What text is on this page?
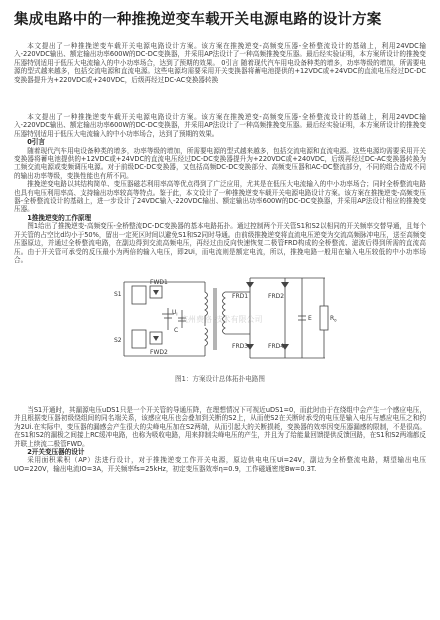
集成电路中的一种推挽逆变车载开关电源电路的设计方案

本文提出了一种推挽逆变车载开关电源电路设计方案。该方案在推挽逆变-高频变压器-全桥整流设计的基础上，利用24VDC输入-220VDC输出、额定输出功率600W的DC-DC变换器，并采用AP法设计了一种高频推挽变压器。最后经实验证明，本方案所设计的推挽变压器特别适用于低压大电流输入的中小功率场合，达到了预期的效果。 0引言 随着现代汽车用电设备种类的增多，功率等级的增加，所需要电源的型式越来越多，包括交流电源和直流电源。这些电源均需要采用开关变换器将蓄电池提供的+12VDC或+24VDC的直流电压经过DC-DC变换器提升为+220VDC或+240VDC，后级再经过DC-AC变换器转换

本文提出了一种推挽逆变车载开关电源电路设计方案。该方案在推挽逆变-高频变压器-全桥整流设计的基础上，利用24VDC输入-220VDC输出、额定输出功率600W的DC-DC变换器，并采用AP法设计了一种高频推挽变压器。最后经实验证明，本方案所设计的推挽变压器特别适用于低压大电流输入的中小功率场合，达到了预期的效果。

0引言

随着现代汽车用电设备种类的增多，功率等级的增加，所需要电源的型式越来越多，包括交流电源和直流电源。这些电源均需要采用开关变换器将蓄电池提供的+12VDC或+24VDC的直流电压经过DC-DC变换器提升为+220VDC或+240VDC，后级再经过DC-AC变换器转换为工频交流电源或变频调压电源。对于前级DC-DC变换器，又包括高频DC-DC变换部分、高频变压器和AC-DC整流部分，不同的组合造成不同的输出功率等级，变换性能也有所不同。

推挽逆变电路以其结构简单、变压器磁芯利用率高等优点得到了广泛应用，尤其是在低压大电流输入的中小功率场合；同时全桥整流电路也具有电压利用率高、支持输出功率较高等特点。鉴于此，本文设计了一种推挽逆变车载开关电源电路设计方案。该方案在推挽逆变-高频变压器-全桥整流设计的基础上，进一步设计了24VDC输入-220VDC输出、额定输出功率600W的DC-DC变换器，并采用AP法设计相应的推挽变压器。

1推挽逆变的工作原理

图1给出了推挽逆变-高频变压-全桥整流DC-DC变换器的基本电路拓扑。通过控制两个开关管S1和S2以相同的开关频率交替导通，且每个开关管的占空比d均小于50%，留出一定死区时间以避免S1和S2同时导通。由前级推挽逆变将直流电压逆变为交流高频脉冲电压，送至高频变压器原边，并通过全桥整流电路，在副边得到交流高频电压，再经过由反向快速恢复二极管FRD构成的全桥整流、滤波后得到所需的直流高压。由于开关管可承受的反压最小为两倍的输入电压，即2Ui，而电流则是额定电流，所以，推挽电路一般用在输入电压较低的中小功率场合。

S1
S2
FWD1
FWD2
$U_i$
C
FRD1	FRD2
FRD3	FRD4
E	$R_o$
杭州费格 技术有限公司
图1：方案设计总体拓扑电路图

当S1开通时，其漏源电压uDS1只是一个开关管的导通压降，在理想情况下可视近uDS1=0，而此时由于在绕组中会产生一个感应电压，并且根据变压器初级绕组间的同名端关系，该感应电压也会叠加到关断的S2上，从而使S2在关断时承受的电压是输入电压与感应电压之和约为2Ui.在实际中，变压器的漏感会产生很大的尖峰电压加在S2两端，从而引起大的关断损耗，变换器的效率因变压器漏感的限制，不是很高。在S1和S2的漏极之间接上RC缓冲电路，也称为吸收电路，用来抑制尖峰电压的产生，并且为了给能量回馈提供反馈回路，在S1和S2两端都反并联上续流二极管FWD。

2开关变压器的设计

采用面积乘积（AP）法进行设计，对于推挽逆变工作开关电源，原边供电电压Ui=24V，副边为全桥整流电路，期望输出电压UO=220V，输出电流IO=3A，开关频率fs=25kHz，初定变压器效率η=0.9，工作磁通密度Bw=0.3T.
